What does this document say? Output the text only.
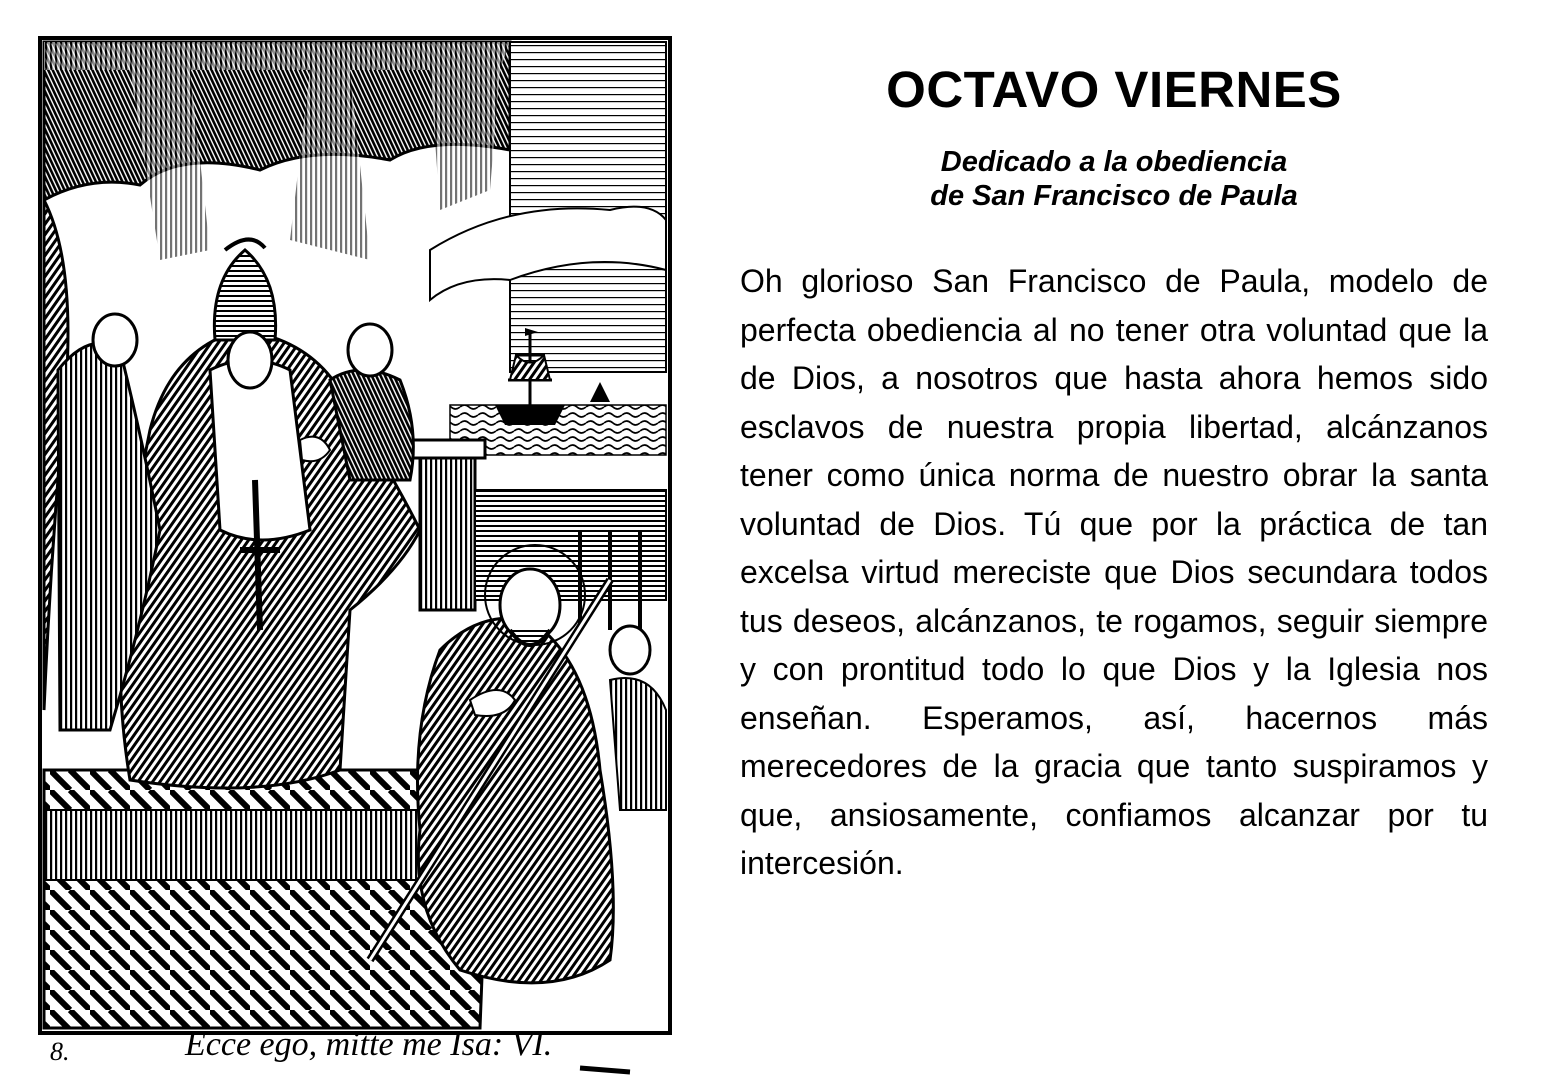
8.	Ecce ego, mitte me Isa: VI.
OCTAVO VIERNES
Dedicado a la obediencia
de San Francisco de Paula

Oh glorioso San Francisco de Paula, modelo de perfecta obediencia al no tener otra voluntad que la de Dios, a nosotros que hasta ahora hemos sido esclavos de nuestra propia libertad, alcánzanos tener como única norma de nuestro obrar la santa voluntad de Dios. Tú que por la práctica de tan excelsa virtud mereciste que Dios secundara todos tus deseos, alcánzanos, te rogamos, seguir siempre y con prontitud todo lo que Dios y la Iglesia nos enseñan. Esperamos, así, hacernos más merecedores de la gracia que tanto suspiramos y que, ansiosamente, confiamos alcanzar por tu intercesión.
